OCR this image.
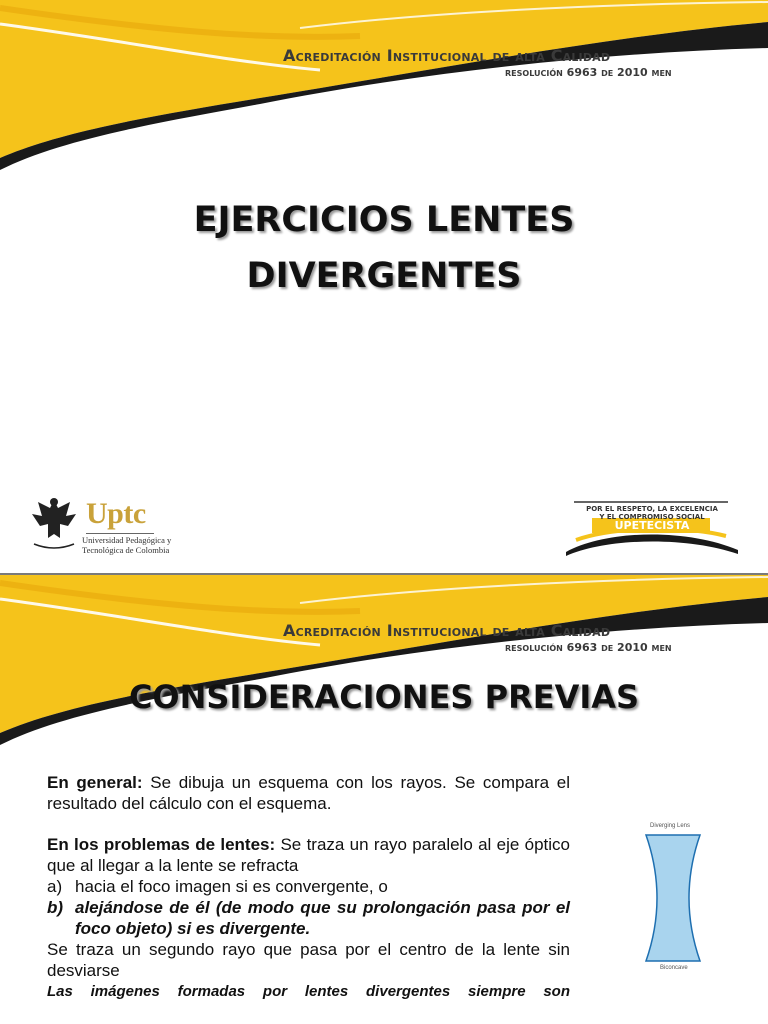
Acreditación Institucional de alta Calidad
resolución 6963 de 2010 men
EJERCICIOS LENTES
DIVERGENTES
Uptc
Universidad Pedagógica y
Tecnológica de Colombia
POR EL RESPETO, LA EXCELENCIA
Y EL COMPROMISO SOCIAL
UPETECISTA
Acreditación Institucional de alta Calidad
resolución 6963 de 2010 men
CONSIDERACIONES PREVIAS

En general: Se dibuja un esquema con los rayos. Se compara el resultado del cálculo con el esquema.

En los problemas de lentes: Se traza un rayo paralelo al eje óptico que al llegar a la lente se refracta

a) hacia el foco imagen si es convergente, o
b) alejándose de él (de modo que su prolongación pasa por el foco objeto) si es divergente.

Se traza un segundo rayo que pasa por el centro de la lente sin desviarse

Las imágenes formadas por lentes divergentes siempre son

Diverging Lens
Biconcave
